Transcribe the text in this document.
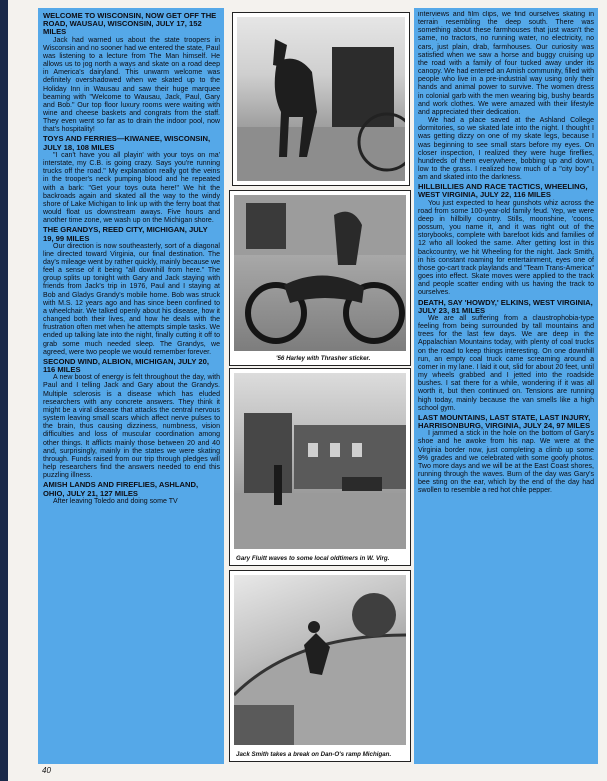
WELCOME TO WISCONSIN, NOW GET OFF THE ROAD, WAUSAU, WISCONSIN, JULY 17, 152 MILES

Jack had warned us about the state troopers in Wisconsin and no sooner had we entered the state, Paul was listening to a lecture from The Man himself. He allows us to jog north a ways and skate on a road deep in America's dairyland. This unwarm welcome was definitely overshadowed when we skated up to the Holiday Inn in Wausau and saw their huge marquee beaming with "Welcome to Wausau, Jack, Paul, Gary and Bob." Our top floor luxury rooms were waiting with wine and cheese baskets and congrats from the staff. They even went so far as to drain the indoor pool, now that's hospitality!

TOYS AND FERRIES—KIWANEE, WISCONSIN, JULY 18, 108 MILES

"I can't have you all playin' with your toys on ma' interstate, my C.B. is going crazy. Says you're running trucks off the road." My explanation really got the veins in the trooper's neck pumping blood and he repeated with a bark: "Get your toys outa here!" We hit the backroads again and skated all the way to the windy shore of Lake Michigan to link up with the ferry boat that would float us downstream aways. Five hours and another time zone, we wash up on the Michigan shore.

THE GRANDYS, REED CITY, MICHIGAN, JULY 19, 99 MILES

Our direction is now southeasterly, sort of a diagonal line directed toward Virginia, our final destination. The day's mileage went by rather quickly, mainly because we feel a sense of it being "all downhill from here." The group splits up tonight with Gary and Jack staying with friends from Jack's trip in 1976, Paul and I staying at Bob and Gladys Grandy's mobile home. Bob was struck with M.S. 12 years ago and has since been confined to a wheelchair. We talked openly about his disease, how it changed both their lives, and how he deals with the frustration often met when he attempts simple tasks. We ended up talking late into the night, finally cutting it off to grab some much needed sleep. The Grandys, we agreed, were two people we would remember forever.

SECOND WIND, ALBION, MICHIGAN, JULY 20, 116 MILES

A new boost of energy is felt throughout the day, with Paul and I telling Jack and Gary about the Grandys. Multiple sclerosis is a disease which has eluded researchers with any concrete answers. They think it might be a viral disease that attacks the central nervous system leaving small scars which affect nerve pulses to the brain, thus causing dizziness, numbness, vision difficulties and loss of muscular coordination among other things. It afflicts mainly those between 20 and 40 and, surprisingly, mainly in the states we were skating through. Funds raised from our trip through pledges will help researchers find the answers needed to end this puzzling illness.

AMISH LANDS AND FIREFLIES, ASHLAND, OHIO, JULY 21, 127 MILES

After leaving Toledo and doing some TV

interviews and film clips, we find ourselves skating in terrain resembling the deep south. There was something about these farmhouses that just wasn't the same, no tractors, no running water, no electricity, no cars, just plain, drab, farmhouses. Our curiosity was satisfied when we saw a horse and buggy cruising up the road with a family of four tucked away under its canopy. We had entered an Amish community, filled with people who live in a pre-industrial way using only their hands and animal power to survive. The women dress in colonial garb with the men wearing big, bushy beards and work clothes. We were amazed with their lifestyle and appreciated their dedication.

We had a place saved at the Ashland College dormitories, so we skated late into the night. I thought I was getting dizzy on one of my skate legs, because I was beginning to see small stars before my eyes. On closer inspection, I realized they were huge fireflies, hundreds of them everywhere, bobbing up and down, low to the grass. I realized how much of a "city boy" I am and skated into the darkness.

HILLBILLIES AND RACE TACTICS, WHEELING, WEST VIRGINIA, JULY 22, 116 MILES

You just expected to hear gunshots whiz across the road from some 100-year-old family feud. Yep, we were deep in hillbilly country. Stills, moonshine, 'coons, possum, you name it, and it was right out of the storybooks, complete with barefoot kids and families of 12 who all looked the same. After getting lost in this backcountry, we hit Wheeling for the night. Jack Smith, in his constant roaming for entertainment, eyes one of those go-cart track playlands and "Team Trans-America" goes into effect. Skate moves were applied to the track and people scatter ending with us having the track to ourselves.

DEATH, SAY 'HOWDY,' ELKINS, WEST VIRGINIA, JULY 23, 81 MILES

We are all suffering from a claustrophobia-type feeling from being surrounded by tall mountains and trees for the last few days. We are deep in the Appalachian Mountains today, with plenty of coal trucks on the road to keep things interesting. On one downhill run, an empty coal truck came screaming around a corner in my lane. I laid it out, slid for about 20 feet, until my wheels grabbed and I jetted into the roadside bushes. I sat there for a while, wondering if it was all worth it, but then continued on. Tensions are running high today, mainly because the van smells like a high school gym.

LAST MOUNTAINS, LAST STATE, LAST INJURY, HARRISONBURG, VIRGINIA, JULY 24, 97 MILES

I jammed a stick in the hole on the bottom of Gary's shoe and he awoke from his nap. We were at the Virginia border now, just completing a climb up some 9% grades and we celebrated with some goofy photos. Two more days and we will be at the East Coast shores, running through the waves. Burn of the day was Gary's bee sting on the ear, which by the end of the day had swollen to resemble a red hot chile pepper.

'56 Harley with Thrasher sticker.
Gary Fluitt waves to some local oldtimers in W. Virg.
Jack Smith takes a break on Dan-O's ramp Michigan.
40
